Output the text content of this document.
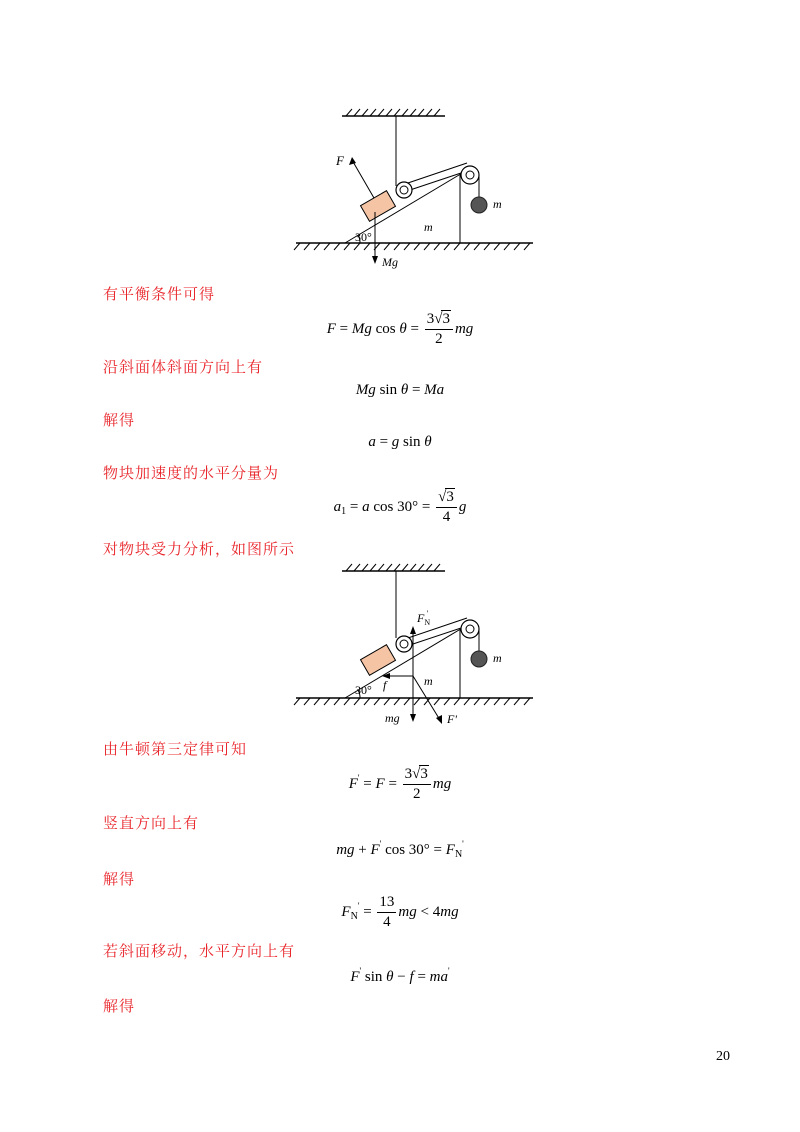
F
30°
m
m
Mg
有平衡条件可得
F = Mg $\cos \theta = \frac{3√3}{2}$ mg
沿斜面体斜面方向上有
Mg sin θ = Ma
解得
a = g sin θ
物块加速度的水平分量为
$a_1 = a$ $\cos 30^\circ = \frac{√3}{4}$ g
对物块受力分析，如图所示
$F_N'$
30° f	m
m
mg	F'
由牛顿第三定律可知
$F' = F = \frac{3√3}{2}$ mg
竖直方向上有
mg + F' $\cos 30^\circ = F_N'$
解得
$F_N' = \frac{13}{4}$ mg < 4mg
若斜面移动，水平方向上有
F' sin θ − f = ma'
解得
20
